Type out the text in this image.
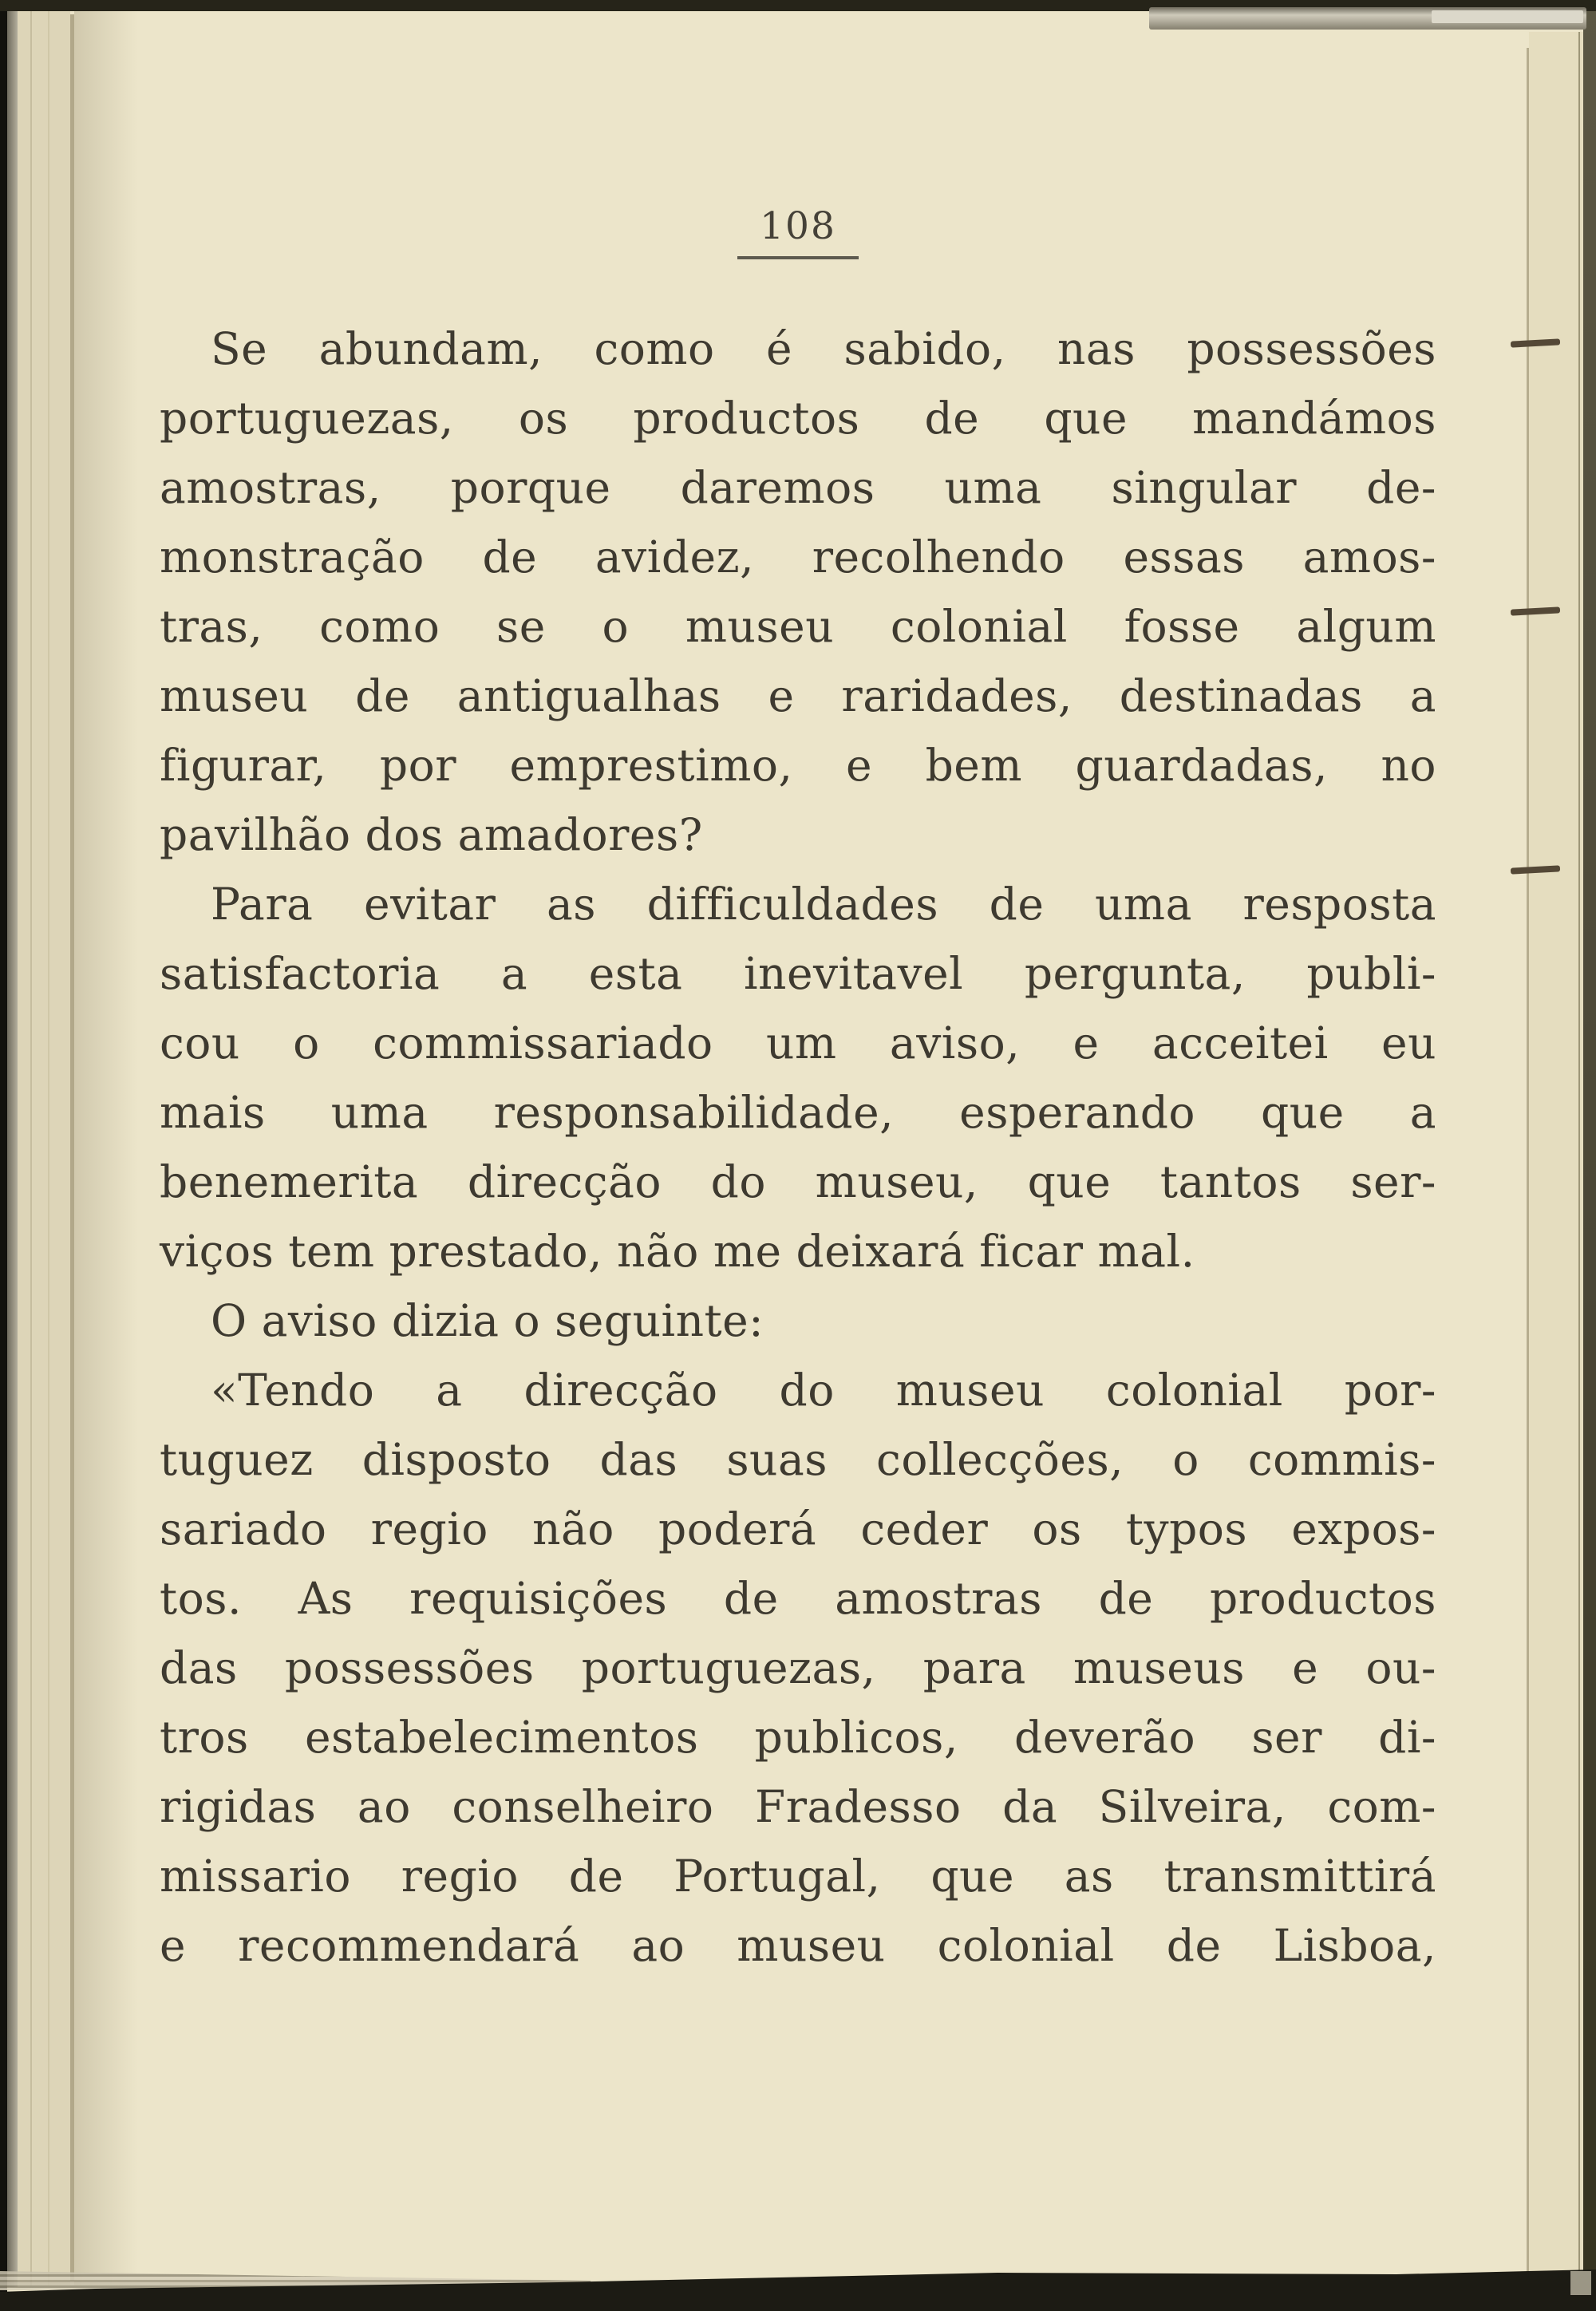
108
Se abundam, como é sabido, nas possessões
portuguezas, os productos de que mandámos
amostras, porque daremos uma singular de-
monstração de avidez, recolhendo essas amos-
tras, como se o museu colonial fosse algum
museu de antigualhas e raridades, destinadas a
figurar, por emprestimo, e bem guardadas, no
pavilhão dos amadores?
Para evitar as difficuldades de uma resposta
satisfactoria a esta inevitavel pergunta, publi-
cou o commissariado um aviso, e acceitei eu
mais uma responsabilidade, esperando que a
benemerita direcção do museu, que tantos ser-
viços tem prestado, não me deixará ficar mal.
O aviso dizia o seguinte:
«Tendo a direcção do museu colonial por-
tuguez disposto das suas collecções, o commis-
sariado regio não poderá ceder os typos expos-
tos. As requisições de amostras de productos
das possessões portuguezas, para museus e ou-
tros estabelecimentos publicos, deverão ser di-
rigidas ao conselheiro Fradesso da Silveira, com-
missario regio de Portugal, que as transmittirá
e recommendará ao museu colonial de Lisboa,
